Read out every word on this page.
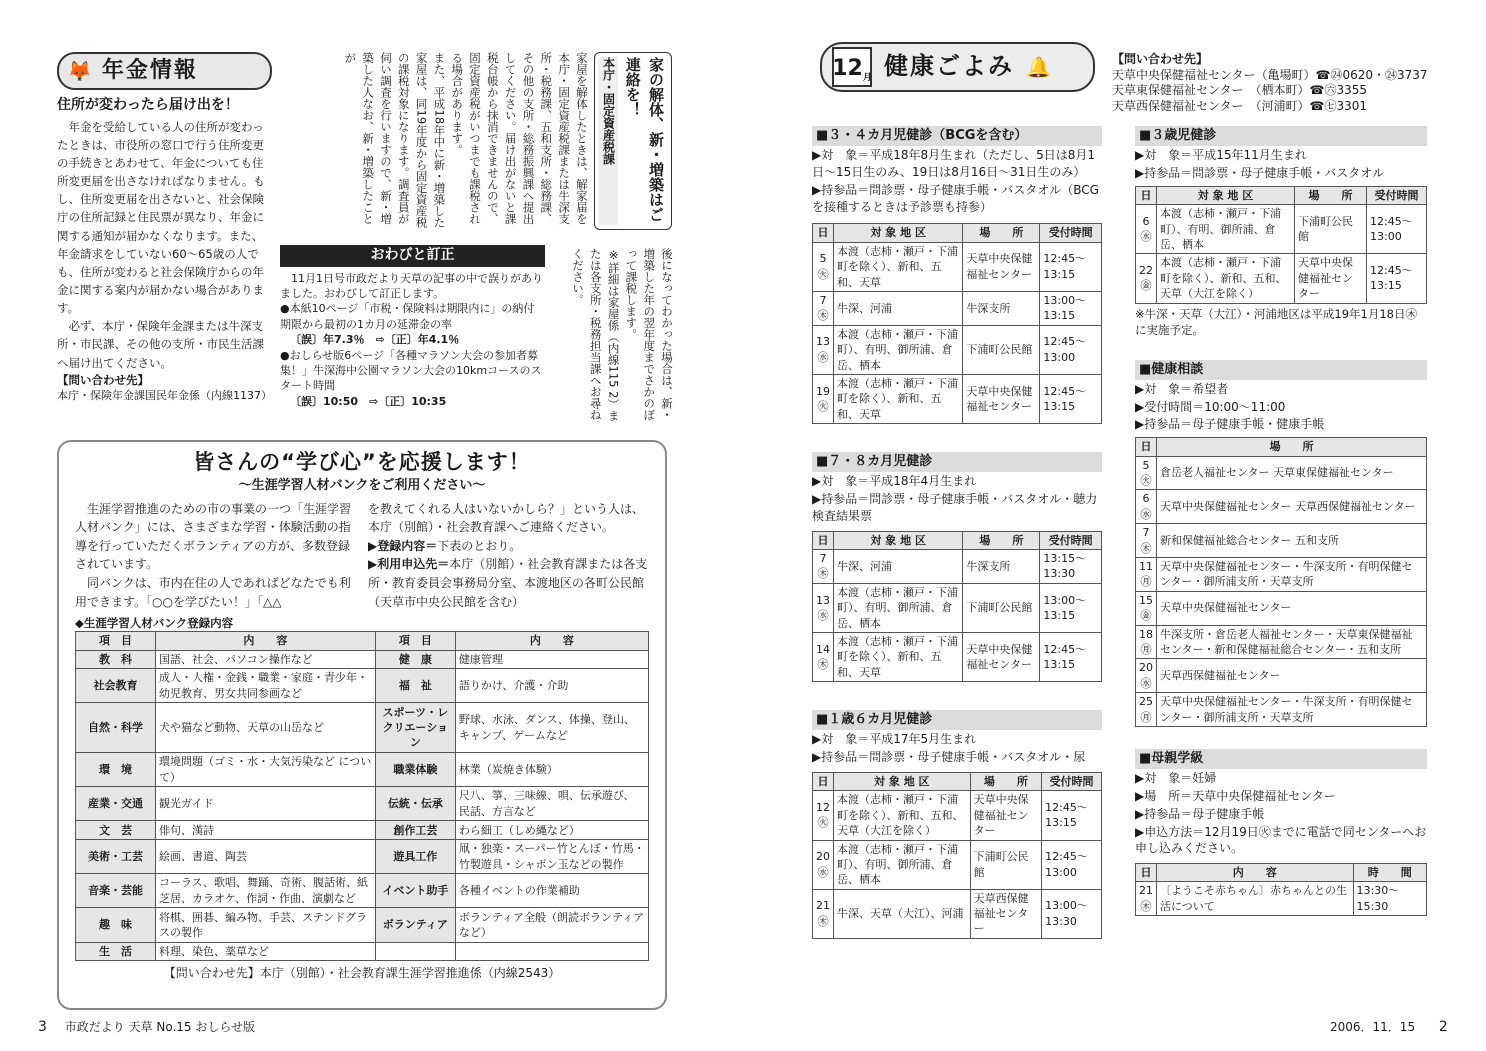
🦊 年金情報
住所が変わったら届け出を！
　年金を受給している人の住所が変わったときは、市役所の窓口で行う住所変更の手続きとあわせて、年金についても住所変更届を出さなければなりません。もし、住所変更届を出さないと、社会保険庁の住所記録と住民票が異なり、年金に関する通知が届かなくなります。また、年金請求をしていない60〜65歳の人でも、住所が変わると社会保険庁からの年金に関する案内が届かない場合があります。
　必ず、本庁・保険年金課または牛深支所・市民課、その他の支所・市民生活課へ届け出てください。
【問い合わせ先】
本庁・保険年金課国民年金係（内線1137）
家の解体、新・増築はご連絡を！
本庁・固定資産税課
家屋を解体したときは、解家届を本庁・固定資産税課または牛深支所・税務課、五和支所・総務課、その他の支所・総務振興課へ提出してください。届け出がないと課税台帳から抹消できませんので、固定資産税がいつまでも課税される場合があります。
また、平成18年中に新・増築した家屋は、同19年度から固定資産税の課税対象になります。調査員が伺い調査を行いますので、新・増築した人なお、新・増築したことが
後になってわかった場合は、新・増築した年の翌年度までさかのぼって課税します。
※詳細は家屋係（内線115 2）または各支所・税務担当課へお尋ねください。
おわびと訂正
　11月1日号市政だより天草の記事の中で誤りがありました。おわびして訂正します。
●本紙10ページ「市税・保険料は期限内に」の納付期限から最初の1カ月の延滞金の率
〔誤〕年7.3％　⇨〔正〕年4.1％
●おしらせ版6ページ「各種マラソン大会の参加者募集！」牛深海中公園マラソン大会の10kmコースのスタート時間
〔誤〕10:50　⇨〔正〕10:35
皆さんの“学び心”を応援します！
〜生涯学習人材バンクをご利用ください〜
　生涯学習推進のための市の事業の一つ「生涯学習人材バンク」には、さまざまな学習・体験活動の指導を行っていただくボランティアの方が、多数登録されています。
　同バンクは、市内在住の人であればどなたでも利用できます。「○○を学びたい！」「△△
を教えてくれる人はいないかしら？」という人は、本庁（別館）・社会教育課へご連絡ください。
▶登録内容＝下表のとおり。
▶利用申込先＝本庁（別館）・社会教育課または各支所・教育委員会事務局分室、本渡地区の各町公民館（天草市中央公民館を含む）
◆生涯学習人材バンク登録内容
項　目	内　　容	項　目	内　　容
教　科	国語、社会、パソコン操作など	健　康	健康管理
社会教育	成人・人権・金銭・職業・家庭・青少年・幼児教育、男女共同参画など	福　祉	語りかけ、介護・介助
自然・科学	犬や猫など動物、天草の山岳など	スポーツ・レクリエーション	野球、水泳、ダンス、体操、登山、キャンプ、ゲームなど
環　境	環境問題（ゴミ・水・大気汚染など について）	職業体験	林業（炭焼き体験）
産業・交通	観光ガイド	伝統・伝承	尺八、箏、三味線、唄、伝承遊び、民話、方言など
文　芸	俳句、漢詩	創作工芸	わら細工（しめ縄など）
美術・工芸	絵画、書道、陶芸	遊具工作	凧・独楽・スーパー竹とんぼ・竹馬・竹製遊具・シャボン玉などの製作
音楽・芸能	コーラス、歌唱、舞踊、奇術、腹話術、紙芝居、カラオケ、作詞・作曲、演劇など	イベント助手	各種イベントの作業補助
趣　味	将棋、囲碁、編み物、手芸、ステンドグラスの製作	ボランティア	ボランティア全般（朗読ボランティアなど）
生　活	料理、染色、薬草など		
【問い合わせ先】本庁（別館）・社会教育課生涯学習推進係（内線2543）
12 月 健康ごよみ 🔔	【問い合わせ先】
天草中央保健福祉センター（亀場町）☎㉔0620・㉔3737
天草東保健福祉センター　（栖本町）☎㊅3355
天草西保健福祉センター　（河浦町）☎㊆3301
■３・４カ月児健診（BCGを含む）
▶対　象＝平成18年8月生まれ（ただし、5日は8月1日〜15日生のみ、19日は8月16日〜31日生のみ）
▶持参品＝問診票・母子健康手帳・バスタオル（BCGを接種するときは予診票も持参）
日	対 象 地 区	場　　所	受付時間
5㊋	本渡（志柿・瀬戸・下浦町を除く）、新和、五和、天草	天草中央保健福祉センター	12:45〜13:15
7㊍	牛深、河浦	牛深支所	13:00〜13:15
13㊌	本渡（志柿・瀬戸・下浦町）、有明、御所浦、倉岳、栖本	下浦町公民館	12:45〜13:00
19㊋	本渡（志柿・瀬戸・下浦町を除く）、新和、五和、天草	天草中央保健福祉センター	12:45〜13:15
■７・８カ月児健診
▶対　象＝平成18年4月生まれ
▶持参品＝問診票・母子健康手帳・バスタオル・聴力検査結果票
日	対 象 地 区	場　　所	受付時間
7㊍	牛深、河浦	牛深支所	13:15〜13:30
13㊌	本渡（志柿・瀬戸・下浦町）、有明、御所浦、倉岳、栖本	下浦町公民館	13:00〜13:15
14㊍	本渡（志柿・瀬戸・下浦町を除く）、新和、五和、天草	天草中央保健福祉センター	12:45〜13:15
■１歳６カ月児健診
▶対　象＝平成17年5月生まれ
▶持参品＝問診票・母子健康手帳・バスタオル・尿
日	対 象 地 区	場　　所	受付時間
12㊋	本渡（志柿・瀬戸・下浦町を除く）、新和、五和、天草（大江を除く）	天草中央保健福祉センター	12:45〜13:15
20㊌	本渡（志柿・瀬戸・下浦町）、有明、御所浦、倉岳、栖本	下浦町公民館	12:45〜13:00
21㊍	牛深、天草（大江）、河浦	天草西保健福祉センター	13:00〜13:30
■３歳児健診
▶対　象＝平成15年11月生まれ
▶持参品＝問診票・母子健康手帳・バスタオル
日	対 象 地 区	場　　所	受付時間
6㊌	本渡（志柿・瀬戸・下浦町）、有明、御所浦、倉岳、栖本	下浦町公民館	12:45〜13:00
22㊎	本渡（志柿・瀬戸・下浦町を除く）、新和、五和、天草（大江を除く）	天草中央保健福祉センター	12:45〜13:15
※牛深・天草（大江）・河浦地区は平成19年1月18日㊍に実施予定。
■健康相談
▶対　象＝希望者
▶受付時間＝10:00〜11:00
▶持参品＝母子健康手帳・健康手帳
日	場　　所
5㊋	倉岳老人福祉センター 天草東保健福祉センター
6㊌	天草中央保健福祉センター 天草西保健福祉センター
7㊍	新和保健福祉総合センター 五和支所
11㊊	天草中央保健福祉センター・牛深支所・有明保健センター・御所浦支所・天草支所
15㊎	天草中央保健福祉センター
18㊊	牛深支所・倉岳老人福祉センター・天草東保健福祉センター・新和保健福祉総合センター・五和支所
20㊌	天草西保健福祉センター
25㊊	天草中央保健福祉センター・牛深支所・有明保健センター・御所浦支所・天草支所
■母親学級
▶対　象＝妊婦
▶場　所＝天草中央保健福祉センター
▶持参品＝母子健康手帳
▶申込方法＝12月19日㊋までに電話で同センターへお申し込みください。
日	内　　容	時　　間
21㊍	〔ようこそ赤ちゃん〕赤ちゃんとの生活について	13:30〜15:30
3 市政だより 天草 No.15 おしらせ版	2006．11．15 2
